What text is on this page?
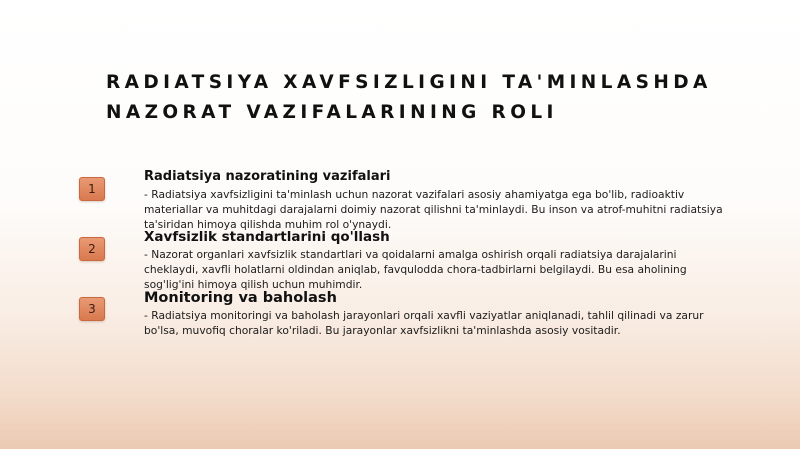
RADIATSIYA XAVFSIZLIGINI TA'MINLASHDA
NAZORAT VAZIFALARINING ROLI
1
Radiatsiya nazoratining vazifalari
- Radiatsiya xavfsizligini ta'minlash uchun nazorat vazifalari asosiy ahamiyatga ega bo'lib, radioaktiv materiallar va muhitdagi darajalarni doimiy nazorat qilishni ta'minlaydi. Bu inson va atrof-muhitni radiatsiya ta'siridan himoya qilishda muhim rol o'ynaydi.
2
Xavfsizlik standartlarini qo'llash
- Nazorat organlari xavfsizlik standartlari va qoidalarni amalga oshirish orqali radiatsiya darajalarini cheklaydi, xavfli holatlarni oldindan aniqlab, favqulodda chora-tadbirlarni belgilaydi. Bu esa aholining sog'lig'ini himoya qilish uchun muhimdir.
3
Monitoring va baholash
- Radiatsiya monitoringi va baholash jarayonlari orqali xavfli vaziyatlar aniqlanadi, tahlil qilinadi va zarur bo'lsa, muvofiq choralar ko'riladi. Bu jarayonlar xavfsizlikni ta'minlashda asosiy vositadir.
